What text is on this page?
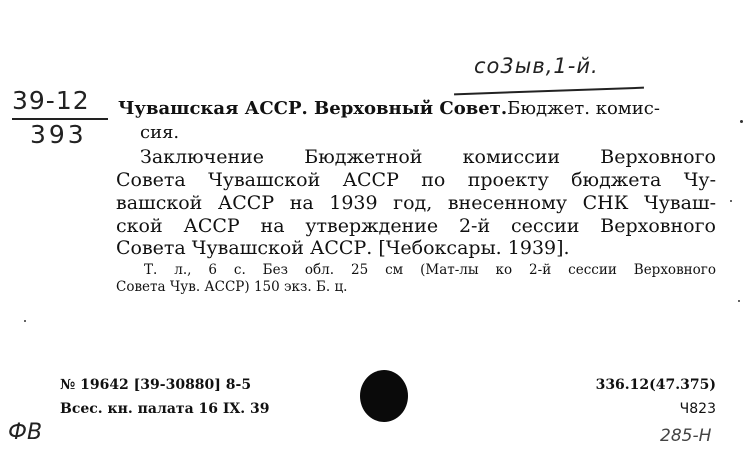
39-12
393
со3ыв,1-й.
Чувашская АССР. Верховный Совет.Бюджет. комис-
сия.
Заключение Бюджетной комиссии Верховного
Совета Чувашской АССР по проекту бюджета Чу-
вашской АССР на 1939 год, внесенному СНК Чуваш-
ской АССР на утверждение 2-й сессии Верховного
Совета Чувашской АССР. [Чебоксары. 1939].
Т. л., 6 с. Без обл. 25 см (Мат-лы ко 2-й сессии Верховного
Совета Чув. АССР) 150 экз. Б. ц.
№ 19642 [39-30880] 8-5
Всес. кн. палата 16 IX. 39
336.12(47.375)
Ч823
ФВ	285-Н
